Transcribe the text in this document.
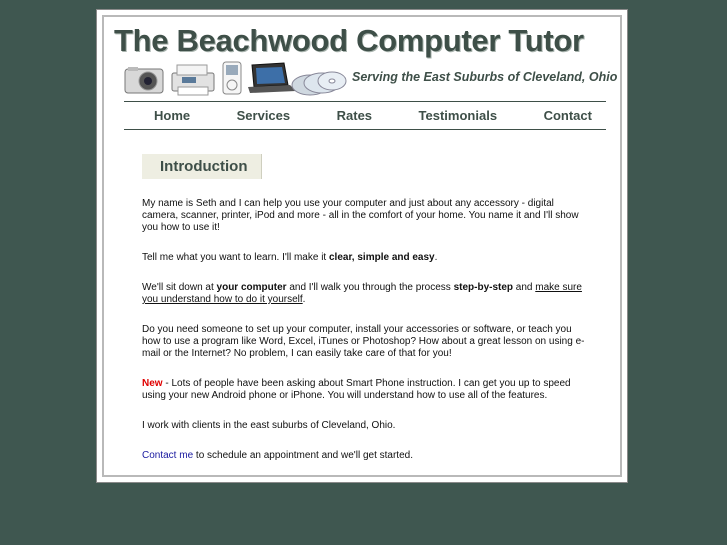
The Beachwood Computer Tutor
Serving the East Suburbs of Cleveland, Ohio
Home	Services	Rates	Testimonials	Contact
Introduction

My name is Seth and I can help you use your computer and just about any accessory - digital camera, scanner, printer, iPod and more - all in the comfort of your home. You name it and I'll show you how to use it!

Tell me what you want to learn. I'll make it clear, simple and easy.

We'll sit down at your computer and I'll walk you through the process step-by-step and make sure you understand how to do it yourself.

Do you need someone to set up your computer, install your accessories or software, or teach you how to use a program like Word, Excel, iTunes or Photoshop? How about a great lesson on using e-mail or the Internet? No problem, I can easily take care of that for you!

New - Lots of people have been asking about Smart Phone instruction. I can get you up to speed using your new Android phone or iPhone. You will understand how to use all of the features.

I work with clients in the east suburbs of Cleveland, Ohio.

Contact me to schedule an appointment and we'll get started.
